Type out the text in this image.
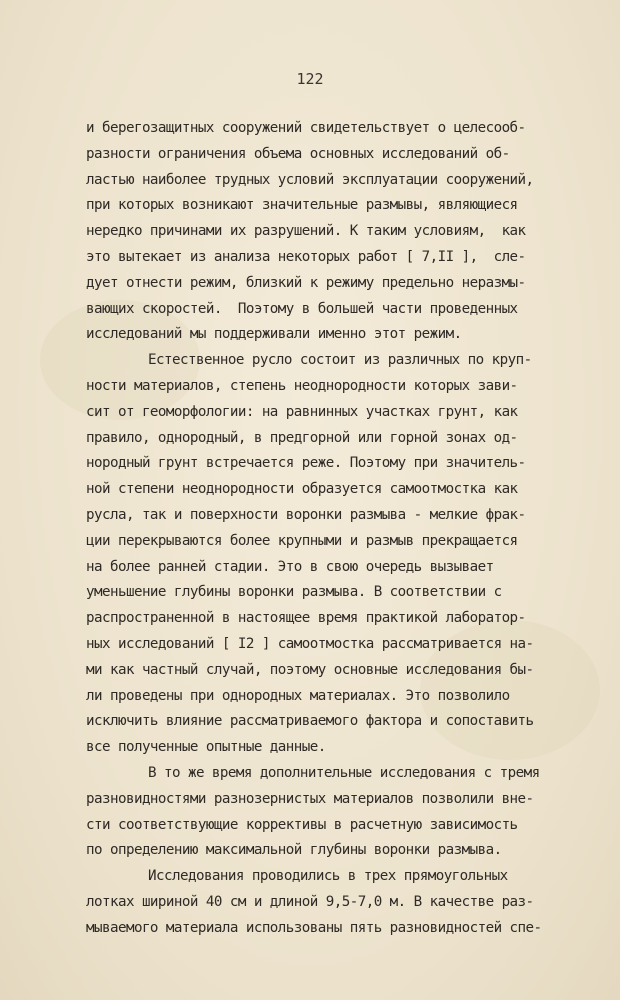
122
и берегозащитных сооружений свидетельствует о целесооб-
разности ограничения объема основных исследований об-
ластью наиболее трудных условий эксплуатации сооружений,
при которых возникают значительные размывы, являющиеся
нередко причинами их разрушений. К таким условиям,  как
это вытекает из анализа некоторых работ [ 7,II ],  сле-
дует отнести режим, близкий к режиму предельно неразмы-
вающих скоростей.  Поэтому в большей части проведенных
исследований мы поддерживали именно этот режим.
Естественное русло состоит из различных по круп-
ности материалов, степень неоднородности которых зави-
сит от геоморфологии: на равнинных участках грунт, как
правило, однородный, в предгорной или горной зонах од-
нородный грунт встречается реже. Поэтому при значитель-
ной степени неоднородности образуется самоотмостка как
русла, так и поверхности воронки размыва - мелкие фрак-
ции перекрываются более крупными и размыв прекращается
на более ранней стадии. Это в свою очередь вызывает
уменьшение глубины воронки размыва. В соответствии с
распространенной в настоящее время практикой лаборатор-
ных исследований [ I2 ] самоотмостка рассматривается на-
ми как частный случай, поэтому основные исследования бы-
ли проведены при однородных материалах. Это позволило
исключить влияние рассматриваемого фактора и сопоставить
все полученные опытные данные.
В то же время дополнительные исследования с тремя
разновидностями разнозернистых материалов позволили вне-
сти соответствующие коррективы в расчетную зависимость
по определению максимальной глубины воронки размыва.
Исследования проводились в трех прямоугольных
лотках шириной 40 см и длиной 9,5-7,0 м. В качестве раз-
мываемого материала использованы пять разновидностей спе-
